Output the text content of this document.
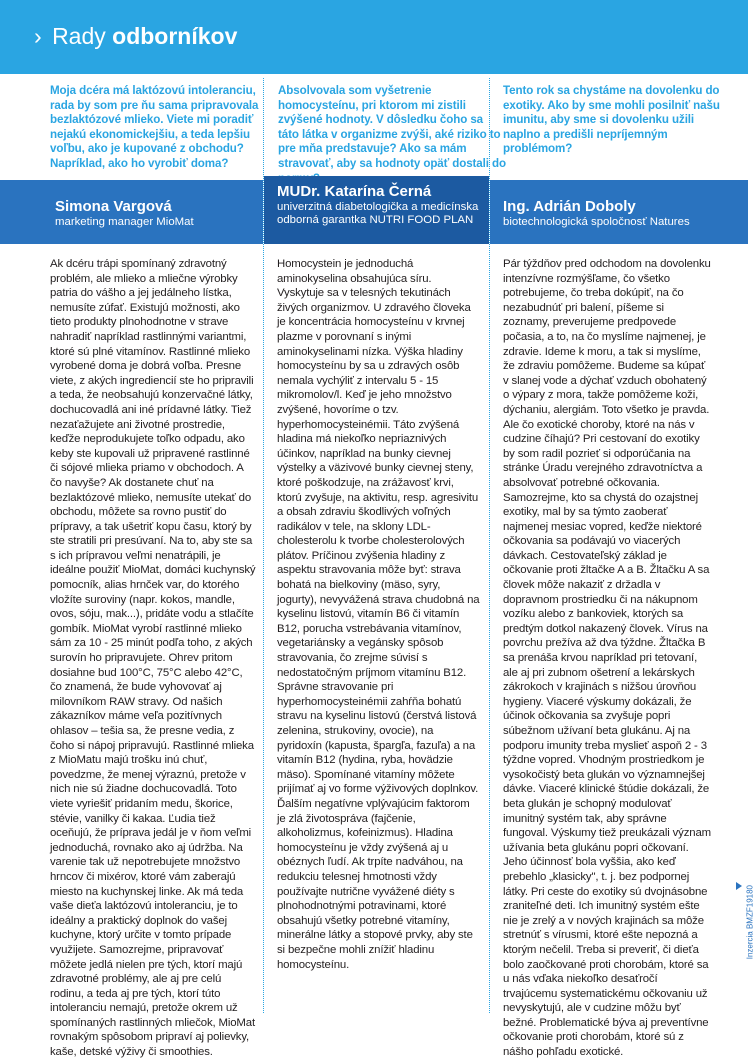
› Rady odborníkov
Moja dcéra má laktózovú intoleranciu, rada by som pre ňu sama pripravovala bezlaktózové mlieko. Viete mi poradiť nejakú ekonomickejšiu, a teda lepšiu voľbu, ako je kupované z obchodu? Napríklad, ako ho vyrobiť doma?
Absolvovala som vyšetrenie homocysteínu, pri ktorom mi zistili zvýšené hodnoty. V dôsledku čoho sa táto látka v organizme zvýši, aké riziko to pre mňa predstavuje? Ako sa mám stravovať, aby sa hodnoty opäť dostali do
Tento rok sa chystáme na dovolenku do exotiky. Ako by sme mohli posilniť našu imunitu, aby sme si dovolenku užili naplno a predišli nepríjemným problémom?
Simona Vargová
marketing manager MioMat
MUDr. Katarína Černá
univerzitná diabetologička a medicínska odborná garantka NUTRI FOOD PLAN
Ing. Adrián Doboly
biotechnologická spoločnosť Natures
Ak dcéru trápi spomínaný zdravotný problém, ale mlieko a mliečne výrobky patria do vášho a jej jedálneho lístka, nemusíte zúfať. Existujú možnosti, ako tieto produkty plnohodnotne v strave nahradiť napríklad rastlinnými variantmi, ktoré sú plné vitamínov. Rastlinné mlieko vyrobené doma je dobrá voľba. Presne viete, z akých ingrediencií ste ho pripravili a teda, že neobsahujú konzervačné látky, dochucovadlá ani iné prídavné látky. Tiež nezaťažujete ani životné prostredie, keďže neprodukujete toľko odpadu, ako keby ste kupovali už pripravené rastlinné či sójové mlieka priamo v obchodoch. A čo navyše? Ak dostanete chuť na bezlaktózové mlieko, nemusíte utekať do obchodu, môžete sa rovno pustiť do prípravy, a tak ušetriť kopu času, ktorý by ste stratili pri presúvaní. Na to, aby ste sa s ich prípravou veľmi nenatrápili, je ideálne použiť MioMat, domáci kuchynský pomocník, alias hrnček var, do ktorého vložíte suroviny (napr. kokos, mandle, ovos, sóju, mak...), pridáte vodu a stlačíte gombík. MioMat vyrobí rastlinné mlieko sám za 10 - 25 minút podľa toho, z akých surovín ho pripravujete. Ohrev pritom dosiahne bud 100°C, 75°C alebo 42°C, čo znamená, že bude vyhovovať aj milovníkom RAW stravy. Od našich zákazníkov máme veľa pozitívnych ohlasov – tešia sa, že presne vedia, z čoho si nápoj pripravujú. Rastlinné mlieka z MioMatu majú trošku inú chuť, povedzme, že menej výraznú, pretože v nich nie sú žiadne dochucovadlá. Toto viete vyriešiť pridaním medu, škorice, stévie, vanilky či kakaa. Ľudia tiež oceňujú, že príprava jedál je v ňom veľmi jednoduchá, rovnako ako aj údržba. Na varenie tak už nepotrebujete množstvo hrncov či mixérov, ktoré vám zaberajú miesto na kuchynskej linke. Ak má teda vaše dieťa laktózovú intoleranciu, je to ideálny a praktický doplnok do vašej kuchyne, ktorý určite v tomto prípade využijete. Samozrejme, pripravovať môžete jedlá nielen pre tých, ktorí majú zdravotné problémy, ale aj pre celú rodinu, a teda aj pre tých, ktorí túto intoleranciu nemajú, pretože okrem už spomínaných rastlinných mliečok, MioMat rovnakým spôsobom pripraví aj polievky, kaše, detské výživy či smoothies.
Homocystein je jednoduchá aminokyselina obsahujúca síru. Vyskytuje sa v telesných tekutinách živých organizmov. U zdravého človeka je koncentrácia homocysteínu v krvnej plazme v porovnaní s inými aminokyselinami nízka. Výška hladiny homocysteínu by sa u zdravých osôb nemala vychýliť z intervalu 5 - 15 mikromolov/l. Keď je jeho množstvo zvýšené, hovoríme o tzv. hyperhomocysteinémii. Táto zvýšená hladina má niekoľko nepriaznivých účinkov, napríklad na bunky cievnej výstelky a väzivové bunky cievnej steny, ktoré poškodzuje, na zrážavosť krvi, ktorú zvyšuje, na aktivitu, resp. agresivitu a obsah zdraviu škodlivých voľných radikálov v tele, na sklony LDL-cholesterolu k tvorbe cholesterolových plátov. Príčinou zvýšenia hladiny z aspektu stravovania môže byť: strava bohatá na bielkoviny (mäso, syry, jogurty), nevyvážená strava chudobná na kyselinu listovú, vitamín B6 či vitamín B12, porucha vstrebávania vitamínov, vegetariánsky a vegánsky spôsob stravovania, čo zrejme súvisí s nedostatočným príjmom vitamínu B12. Správne stravovanie pri hyperhomocysteinémii zahŕňa bohatú stravu na kyselinu listovú (čerstvá listová zelenina, strukoviny, ovocie), na pyridoxín (kapusta, špargľa, fazuľa) a na vitamín B12 (hydina, ryba, hovädzie mäso). Spomínané vitamíny môžete prijímať aj vo forme výživových doplnkov. Ďalším negatívne vplývajúcim faktorom je zlá životospráva (fajčenie, alkoholizmus, kofeinizmus). Hladina homocysteínu je vždy zvýšená aj u obéznych ľudí. Ak trpíte nadváhou, na redukciu telesnej hmotnosti vždy používajte nutrične vyvážené diéty s plnohodnotnými potravinami, ktoré obsahujú všetky potrebné vitamíny, minerálne látky a stopové prvky, aby ste si bezpečne mohli znížiť hladinu homocysteínu.
Pár týždňov pred odchodom na dovolenku intenzívne rozmýšľame, čo všetko potrebujeme, čo treba dokúpiť, na čo nezabudnúť pri balení, píšeme si zoznamy, preverujeme predpovede počasia, a to, na čo myslíme najmenej, je zdravie. Ideme k moru, a tak si myslíme, že zdraviu pomôžeme. Budeme sa kúpať v slanej vode a dýchať vzduch obohatený o výpary z mora, takže pomôžeme koži, dýchaniu, alergiám. Toto všetko je pravda. Ale čo exotické choroby, ktoré na nás v cudzine číhajú? Pri cestovaní do exotiky by som radil pozrieť si odporúčania na stránke Úradu verejného zdravotníctva a absolvovať potrebné očkovania. Samozrejme, kto sa chystá do ozajstnej exotiky, mal by sa týmto zaoberať najmenej mesiac vopred, keďže niektoré očkovania sa podávajú vo viacerých dávkach. Cestovateľský základ je očkovanie proti žltačke A a B. Žltačku A sa človek môže nakaziť z držadla v dopravnom prostriedku či na nákupnom vozíku alebo z bankoviek, ktorých sa predtým dotkol nakazený človek. Vírus na povrchu prežíva až dva týždne. Žltačka B sa prenáša krvou napríklad pri tetovaní, ale aj pri zubnom ošetrení a lekárskych zákrokoch v krajinách s nižšou úrovňou hygieny. Viaceré výskumy dokázali, že účinok očkovania sa zvyšuje popri súbežnom užívaní beta glukánu. Aj na podporu imunity treba myslieť aspoň 2 - 3 týždne vopred. Vhodným prostriedkom je vysokočistý beta glukán vo významnejšej dávke. Viaceré klinické štúdie dokázali, že beta glukán je schopný modulovať imunitný systém tak, aby správne fungoval. Výskumy tiež preukázali význam užívania beta glukánu popri očkovaní. Jeho účinnosť bola vyššia, ako keď prebehlo „klasicky", t. j. bez podpornej látky. Pri ceste do exotiky sú dvojnásobne zraniteľné deti. Ich imunitný systém ešte nie je zrelý a v nových krajinách sa môže stretnúť s vírusmi, ktoré ešte nepozná a ktorým nečelil. Treba si preveriť, či dieťa bolo zaočkované proti chorobám, ktoré sa u nás vďaka niekoľko desaťročí trvajúcemu systematickému očkovaniu už nevyskytujú, ale v cudzine môžu byť bežné. Problematické býva aj preventívne očkovanie proti chorobám, ktoré sú z nášho pohľadu exotické.
Inzercia BMZF19180
